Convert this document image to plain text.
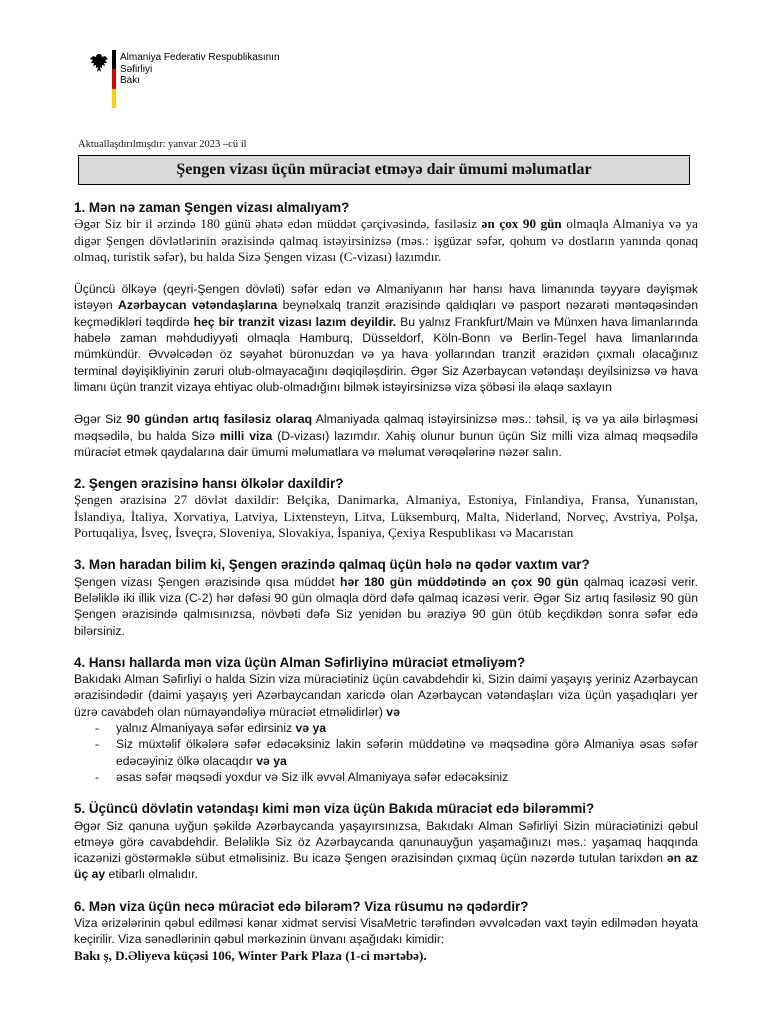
Almaniya Federativ Respublikasının
Səfirliyi
Bakı
Aktuallaşdırılmışdır: yanvar 2023 –cü il
Şengen vizası üçün müraciət etməyə dair ümumi məlumatlar
1. Mən nə zaman Şengen vizası almalıyam?

Əgər Siz bir il ərzində 180 günü əhatə edən müddət çərçivəsində, fasiləsiz ən çox 90 gün olmaqla Almaniya və ya digər Şengen dövlətlərinin ərazisində qalmaq istəyirsinizsə (məs.: işgüzar səfər, qohum və dostların yanında qonaq olmaq, turistik səfər), bu halda Sizə Şengen vizası (C-vizası) lazımdır.

Üçüncü ölkəyə (qeyri-Şengen dövləti) səfər edən və Almaniyanın hər hansı hava limanında təyyarə dəyişmək istəyən Azərbaycan vətəndaşlarına beynəlxalq tranzit ərazisində qaldıqları və pasport nəzarəti məntəqəsindən keçmədikləri təqdirdə heç bir tranzit vizası lazım deyildir. Bu yalnız Frankfurt/Main və Münxen hava limanlarında habelə zaman məhdudiyyəti olmaqla Hamburq, Düsseldorf, Köln-Bonn və Berlin-Tegel hava limanlarında mümkündür. Əvvəlcədən öz səyahət büronuzdan və ya hava yollarından tranzit ərazidən çıxmalı olacağınız terminal dəyişikliyinin zəruri olub-olmayacağını dəqiqiləşdirin. Əgər Siz Azərbaycan vətəndaşı deyilsinizsə və hava limanı üçün tranzit vizaya ehtiyac olub-olmadığını bilmək istəyirsinizsə viza şöbəsi ilə əlaqə saxlayın

Əgər Siz 90 gündən artıq fasiləsiz olaraq Almaniyada qalmaq istəyirsinizsə məs.: təhsil, iş və ya ailə birləşməsi məqsədilə, bu halda Sizə milli viza (D-vizası) lazımdır. Xahiş olunur bunun üçün Siz milli viza almaq məqsədilə müraciət etmək qaydalarına dair ümumi məlumatlara və məlumat vərəqələrinə nəzər salın.

2. Şengen ərazisinə hansı ölkələr daxildir?

Şengen ərazisinə 27 dövlət daxildir: Belçika, Danimarka, Almaniya, Estoniya, Finlandiya, Fransa, Yunanıstan, İslandiya, İtaliya, Xorvatiya, Latviya, Lixtensteyn, Litva, Lüksemburq, Malta, Niderland, Norveç, Avstriya, Polşa, Portuqaliya, İsveç, İsveçrə, Sloveniya, Slovakiya, İspaniya, Çexiya Respublikası və Macarıstan

3. Mən haradan bilim ki, Şengen ərazində qalmaq üçün hələ nə qədər vaxtım var?

Şengen vizası Şengen ərazisində qısa müddət hər 180 gün müddətində ən çox 90 gün qalmaq icazəsi verir. Beləliklə iki illik viza (C-2) hər dəfəsi 90 gün olmaqla dörd dəfə qalmaq icazəsi verir. Əgər Siz artıq fasiləsiz 90 gün Şengen ərazisində qalmısınızsa, növbəti dəfə Siz yenidən bu əraziyə 90 gün ötüb keçdikdən sonra səfər edə bilərsiniz.

4. Hansı hallarda mən viza üçün Alman Səfirliyinə müraciət etməliyəm?

Bakıdakı Alman Səfirliyi o halda Sizin viza müraciətiniz üçün cavabdehdir ki, Sizin daimi yaşayış yeriniz Azərbaycan ərazisindədir (daimi yaşayış yeri Azərbaycandan xaricdə olan Azərbaycan vətəndaşları viza üçün yaşadıqları yer üzrə cavabdeh olan nümayəndəliyə müraciət etməlidirlər) və

-	yalnız Almaniyaya səfər edirsiniz və ya
-	Siz müxtəlif ölkələrə səfər edəcəksiniz lakin səfərin müddətinə və məqsədinə görə Almaniya əsas səfər edəcəyiniz ölkə olacaqdır və ya
-	əsas səfər məqsədi yoxdur və Siz ilk əvvəl Almaniyaya səfər edəcəksiniz
5. Üçüncü dövlətin vətəndaşı kimi mən viza üçün Bakıda müraciət edə bilərəmmi?

Əgər Siz qanuna uyğun şəkildə Azərbaycanda yaşayırsınızsa, Bakıdakı Alman Səfirliyi Sizin müraciətinizi qəbul etməyə görə cavabdehdir. Beləliklə Siz öz Azərbaycanda qanunauyğun yaşamağınızı məs.: yaşamaq haqqında icazənizi göstərməklə sübut etməlisiniz. Bu icazə Şengen ərazisindən çıxmaq üçün nəzərdə tutulan tarixdən ən az üç ay etibarlı olmalıdır.

6. Mən viza üçün necə müraciət edə bilərəm? Viza rüsumu nə qədərdir?

Viza ərizələrinin qəbul edilməsi kənar xidmət servisi VisaMetric tərəfindən əvvəlcədən vaxt təyin edilmədən həyata keçirilir. Viza sənədlərinin qəbul mərkəzinin ünvanı aşağıdakı kimidir:

Bakı ş, D.Əliyeva küçəsi 106, Winter Park Plaza (1-ci mərtəbə).
